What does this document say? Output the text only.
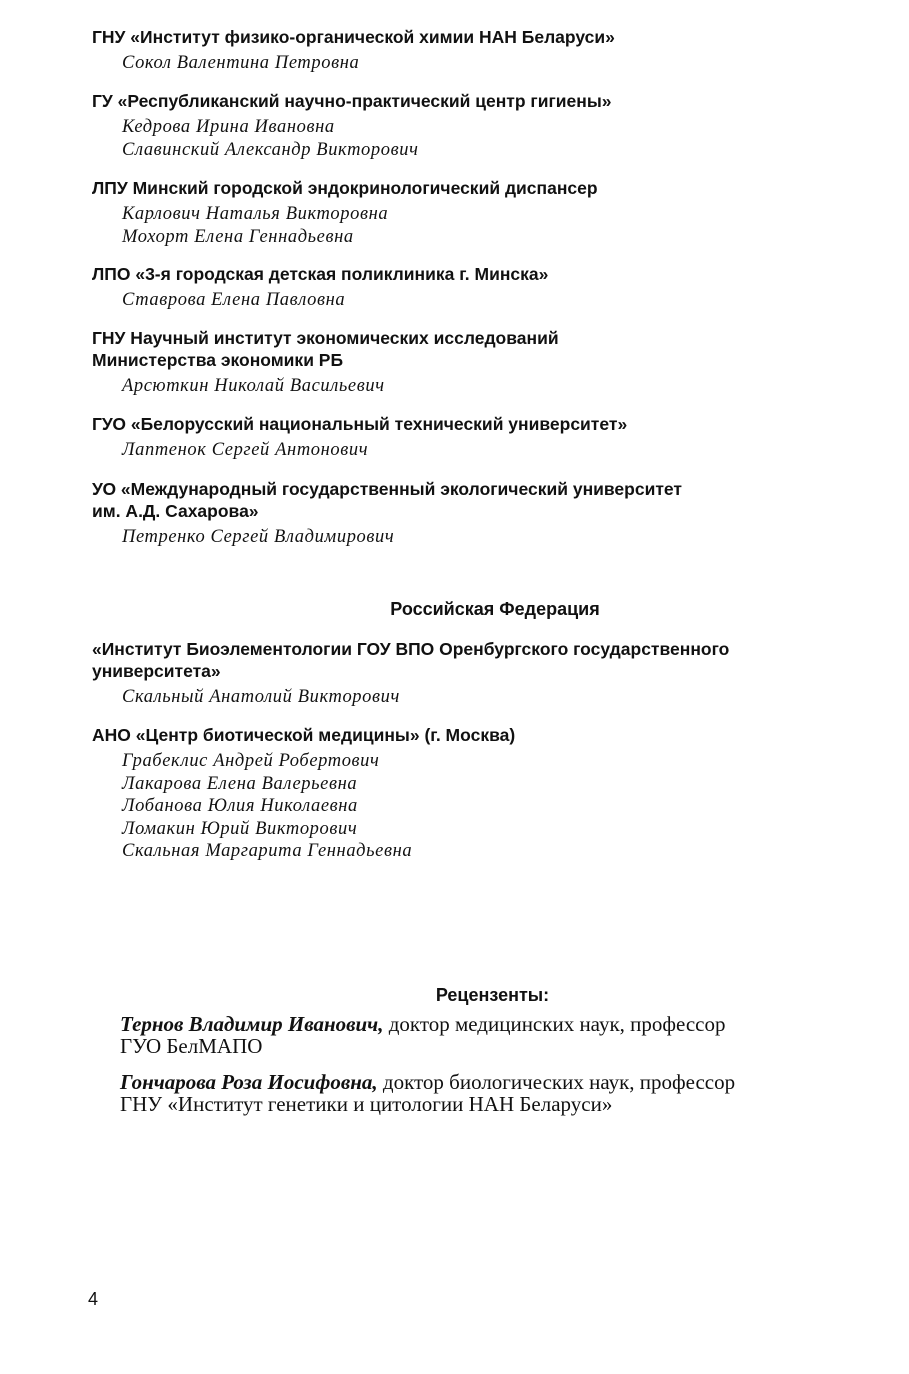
ГНУ «Институт физико-органической химии НАН Беларуси»

Сокол Валентина Петровна

ГУ «Республиканский научно-практический центр гигиены»

Кедрова Ирина Ивановна
Славинский Александр Викторович

ЛПУ Минский городской эндокринологический диспансер

Карлович Наталья Викторовна
Мохорт Елена Геннадьевна

ЛПО «3-я городская детская поликлиника г. Минска»

Ставрова Елена Павловна

ГНУ Научный институт экономических исследований

Министерства экономики РБ

Арсюткин Николай Васильевич

ГУО «Белорусский национальный технический университет»

Лаптенок Сергей Антонович

УО «Международный государственный экологический университет

им. А.Д. Сахарова»

Петренко Сергей Владимирович
Российская Федерация

«Институт Биоэлементологии ГОУ ВПО Оренбургского государственного

университета»

Скальный Анатолий Викторович

АНО «Центр биотической медицины» (г. Москва)

Грабеклис Андрей Робертович
Лакарова Елена Валерьевна
Лобанова Юлия Николаевна
Ломакин Юрий Викторович
Скальная Маргарита Геннадьевна
Рецензенты:
Тернов Владимир Иванович, доктор медицинских наук, профессор
ГУО БелМАПО
Гончарова Роза Иосифовна, доктор биологических наук, профессор
ГНУ «Институт генетики и цитологии НАН Беларуси»
4
